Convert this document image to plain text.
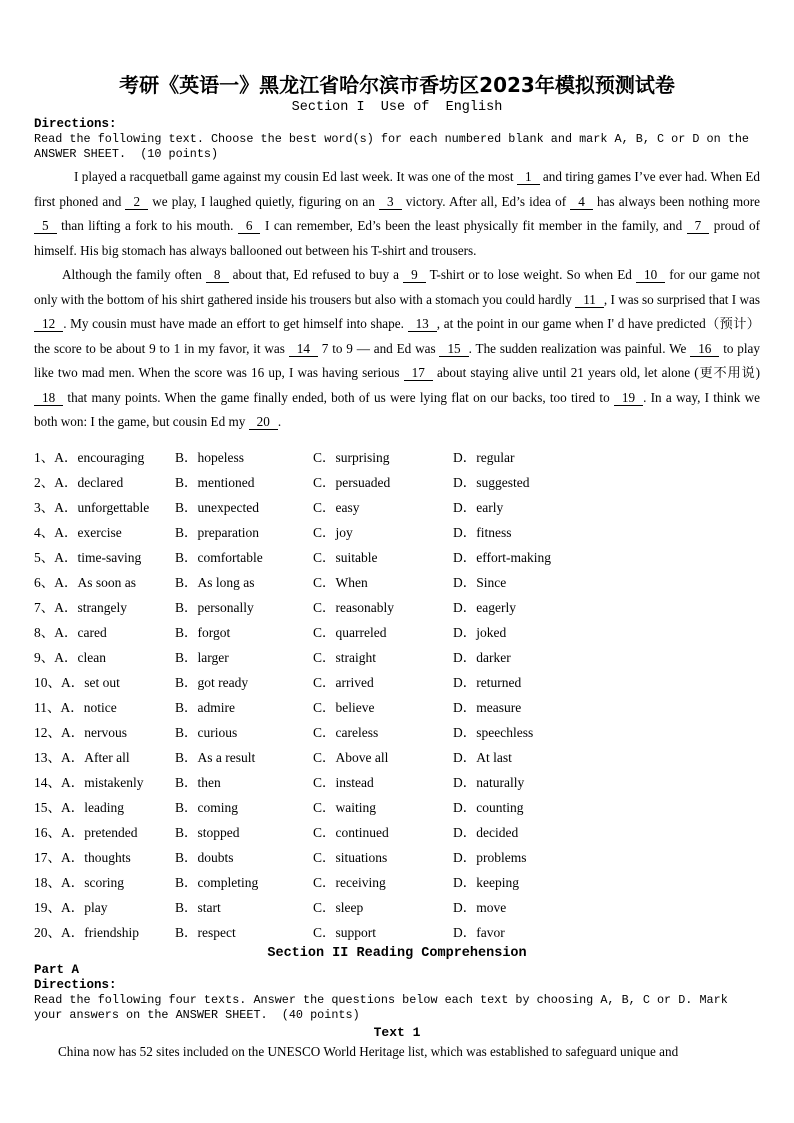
考研《英语一》黑龙江省哈尔滨市香坊区2023年模拟预测试卷
Section I  Use of  English
Directions:
Read the following text. Choose the best word(s) for each numbered blank and mark A, B, C or D on the
ANSWER SHEET.  (10 points)

I played a racquetball game against my cousin Ed last week. It was one of the most 1 and tiring games I’ve ever had. When Ed first phoned and 2 we play, I laughed quietly, figuring on an 3 victory. After all, Ed’s idea of 4 has always been nothing more 5 than lifting a fork to his mouth. 6 I can remember, Ed’s been the least physically fit member in the family, and 7 proud of himself. His big stomach has always ballooned out between his T-shirt and trousers.

Although the family often 8 about that, Ed refused to buy a 9 T-shirt or to lose weight. So when Ed 10 for our game not only with the bottom of his shirt gathered inside his trousers but also with a stomach you could hardly 11 , I was so surprised that I was 12 . My cousin must have made an effort to get himself into shape. 13 , at the point in our game when I' d have predicted（预计）the score to be about 9 to 1 in my favor, it was 14 7 to 9 — and Ed was 15 . The sudden realization was painful. We 16 to play like two mad men. When the score was 16 up, I was having serious 17 about staying alive until 21 years old, let alone (更不用说) 18 that many points. When the game finally ended, both of us were lying flat on our backs, too tired to 19 . In a way, I think we both won: I the game, but cousin Ed my 20 .

1、A．encouraging	B．hopeless	C．surprising	D．regular
2、A．declared	B．mentioned	C．persuaded	D．suggested
3、A．unforgettable	B．unexpected	C．easy	D．early
4、A．exercise	B．preparation	C．joy	D．fitness
5、A．time-saving	B．comfortable	C．suitable	D．effort-making
6、A．As soon as	B．As long as	C．When	D．Since
7、A．strangely	B．personally	C．reasonably	D．eagerly
8、A．cared	B．forgot	C．quarreled	D．joked
9、A．clean	B．larger	C．straight	D．darker
10、A．set out	B．got ready	C．arrived	D．returned
11、A．notice	B．admire	C．believe	D．measure
12、A．nervous	B．curious	C．careless	D．speechless
13、A．After all	B．As a result	C．Above all	D．At last
14、A．mistakenly	B．then	C．instead	D．naturally
15、A．leading	B．coming	C．waiting	D．counting
16、A．pretended	B．stopped	C．continued	D．decided
17、A．thoughts	B．doubts	C．situations	D．problems
18、A．scoring	B．completing	C．receiving	D．keeping
19、A．play	B．start	C．sleep	D．move
20、A．friendship	B．respect	C．support	D．favor
Section II Reading Comprehension
Part A
Directions:
Read the following four texts. Answer the questions below each text by choosing A, B, C or D. Mark
your answers on the ANSWER SHEET.  (40 points)
Text 1

China now has 52 sites included on the UNESCO World Heritage list, which was established to safeguard unique and
